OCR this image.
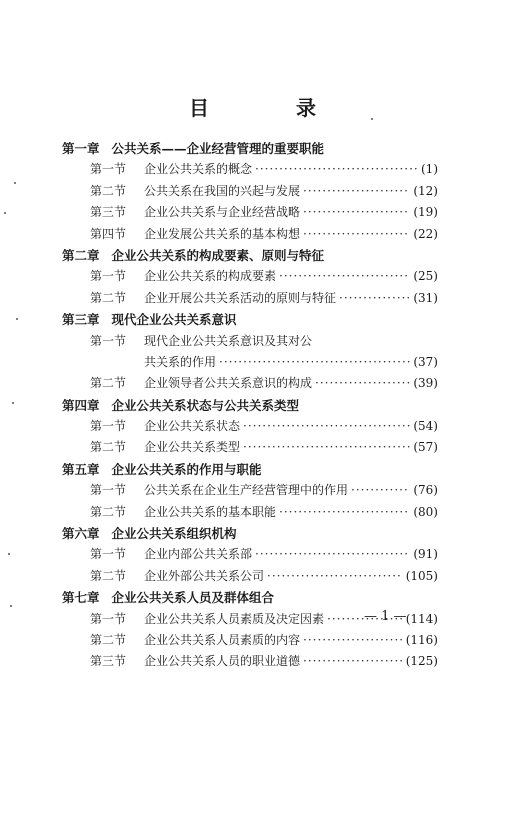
目 录
第一章 公共关系——企业经营管理的重要职能
第一节	企业公共关系的概念 ·····	(1)
第二节	公共关系在我国的兴起与发展 ·····	(12)
第三节	企业公共关系与企业经营战略 ·····	(19)
第四节	企业发展公共关系的基本构想 ·····	(22)
第二章 企业公共关系的构成要素、原则与特征
第一节	企业公共关系的构成要素 ·····	(25)
第二节	企业开展公共关系活动的原则与特征 ·····	(31)
第三章 现代企业公共关系意识
第一节	现代企业公共关系意识及其对公
共关系的作用 ·····	(37)
第二节	企业领导者公共关系意识的构成 ·····	(39)
第四章 企业公共关系状态与公共关系类型
第一节	企业公共关系状态 ·····	(54)
第二节	企业公共关系类型 ·····	(57)
第五章 企业公共关系的作用与职能
第一节	公共关系在企业生产经营管理中的作用 ·····	(76)
第二节	企业公共关系的基本职能 ·····	(80)
第六章 企业公共关系组织机构
第一节	企业内部公共关系部 ·····	(91)
第二节	企业外部公共关系公司 ·····	(105)
第七章 企业公共关系人员及群体组合
第一节	企业公共关系人员素质及决定因素 ·····	(114)
第二节	企业公共关系人员素质的内容 ·····	(116)
第三节	企业公共关系人员的职业道德 ·····	(125)
— 1 —
